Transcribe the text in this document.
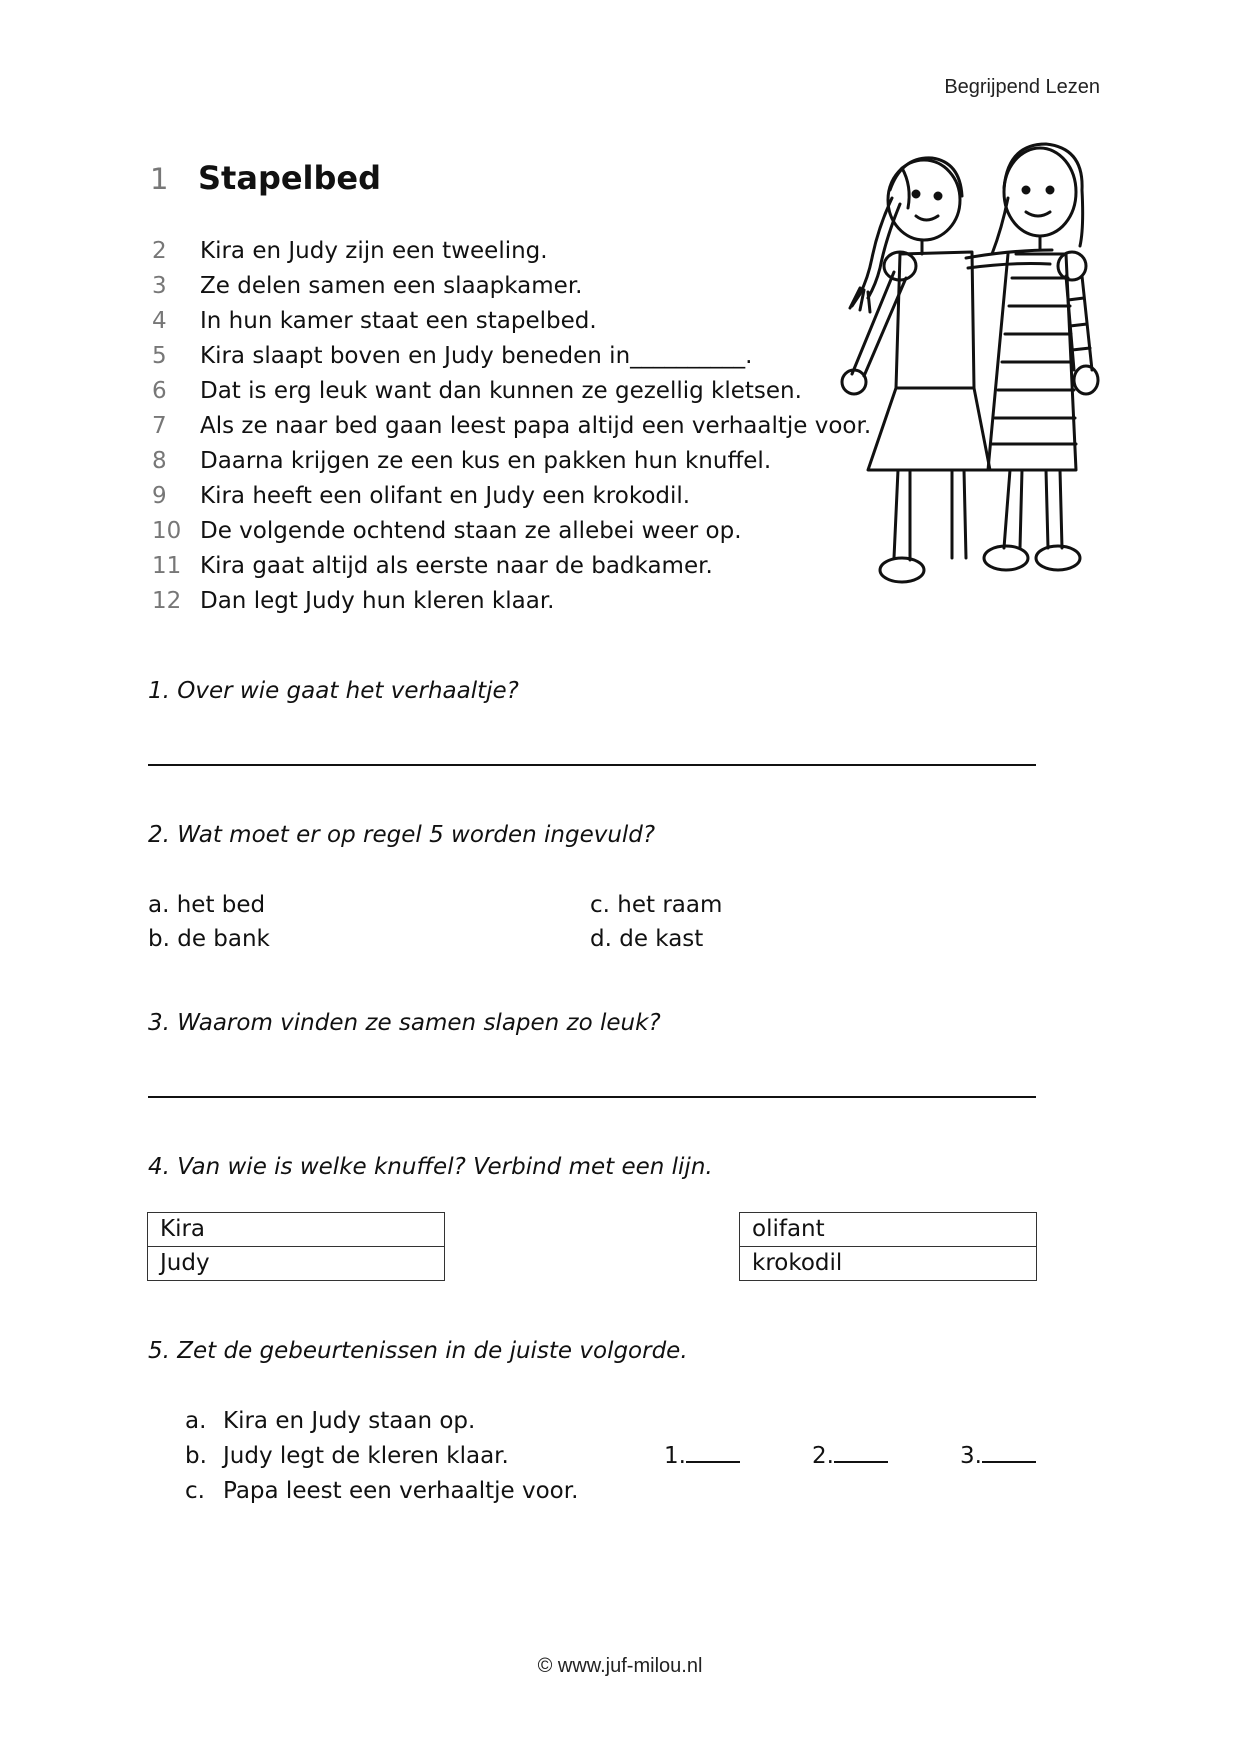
Begrijpend Lezen
1 Stapelbed
2 Kira en Judy zijn een tweeling.
3 Ze delen samen een slaapkamer.
4 In hun kamer staat een stapelbed.
5 Kira slaapt boven en Judy beneden in__________.
6 Dat is erg leuk want dan kunnen ze gezellig kletsen.
7 Als ze naar bed gaan leest papa altijd een verhaaltje voor.
8 Daarna krijgen ze een kus en pakken hun knuffel.
9 Kira heeft een olifant en Judy een krokodil.
10 De volgende ochtend staan ze allebei weer op.
11 Kira gaat altijd als eerste naar de badkamer.
12 Dan legt Judy hun kleren klaar.
1. Over wie gaat het verhaaltje?
2. Wat moet er op regel 5 worden ingevuld?
a. het bed
b. de bank
c. het raam
d. de kast
3. Waarom vinden ze samen slapen zo leuk?
4. Van wie is welke knuffel? Verbind met een lijn.
Kira
Judy
olifant
krokodil
5. Zet de gebeurtenissen in de juiste volgorde.
a. Kira en Judy staan op.
b. Judy legt de kleren klaar.
c. Papa leest een verhaaltje voor.
1.	2.	3.
© www.juf-milou.nl
